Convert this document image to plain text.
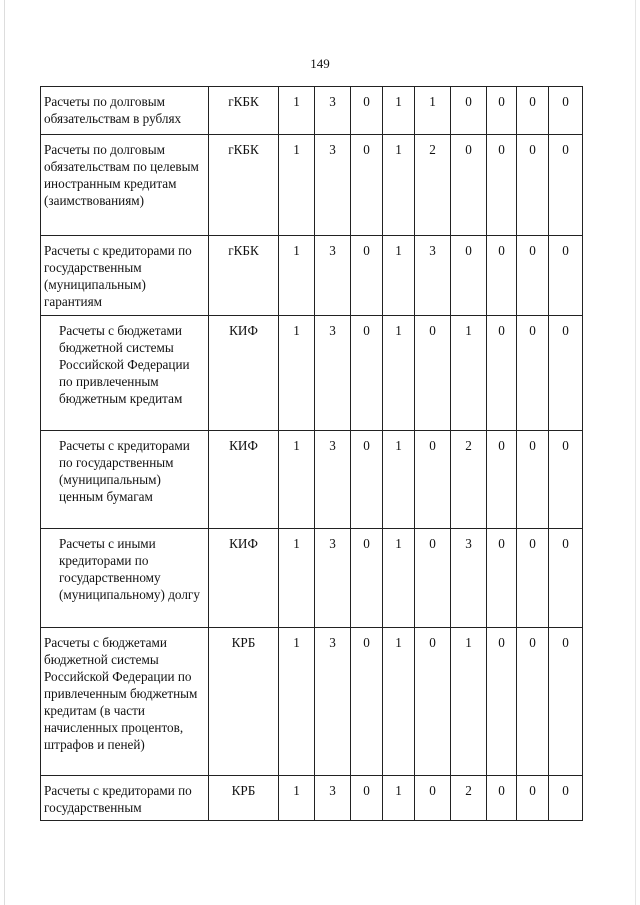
149
Расчеты по долговым обязательствам в рублях	гКБК	1	3	0	1	1	0	0	0	0
Расчеты по долговым обязательствам по целевым иностранным кредитам (заимствованиям)	гКБК	1	3	0	1	2	0	0	0	0
Расчеты с кредиторами по государственным (муниципальным) гарантиям	гКБК	1	3	0	1	3	0	0	0	0
Расчеты с бюджетами бюджетной системы Российской Федерации по привлеченным бюджетным кредитам	КИФ	1	3	0	1	0	1	0	0	0
Расчеты с кредиторами по государственным (муниципальным) ценным бумагам	КИФ	1	3	0	1	0	2	0	0	0
Расчеты с иными кредиторами по государственному (муниципальному) долгу	КИФ	1	3	0	1	0	3	0	0	0
Расчеты с бюджетами бюджетной системы Российской Федерации по привлеченным бюджетным кредитам (в части начисленных процентов, штрафов и пеней)	КРБ	1	3	0	1	0	1	0	0	0
Расчеты с кредиторами по государственным	КРБ	1	3	0	1	0	2	0	0	0
